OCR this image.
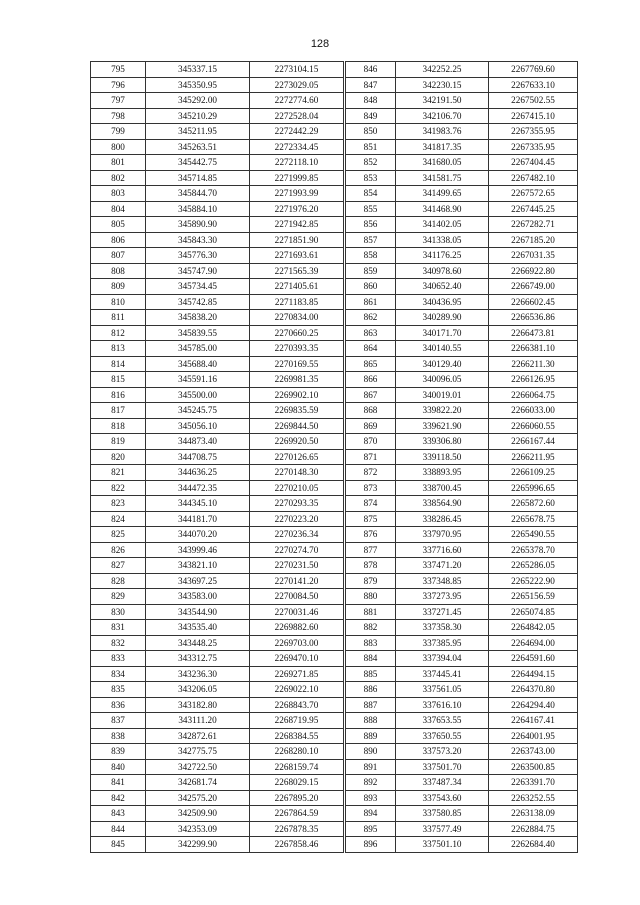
128
795	345337.15	2273104.15
796	345350.95	2273029.05
797	345292.00	2272774.60
798	345210.29	2272528.04
799	345211.95	2272442.29
800	345263.51	2272334.45
801	345442.75	2272118.10
802	345714.85	2271999.85
803	345844.70	2271993.99
804	345884.10	2271976.20
805	345890.90	2271942.85
806	345843.30	2271851.90
807	345776.30	2271693.61
808	345747.90	2271565.39
809	345734.45	2271405.61
810	345742.85	2271183.85
811	345838.20	2270834.00
812	345839.55	2270660.25
813	345785.00	2270393.35
814	345688.40	2270169.55
815	345591.16	2269981.35
816	345500.00	2269902.10
817	345245.75	2269835.59
818	345056.10	2269844.50
819	344873.40	2269920.50
820	344708.75	2270126.65
821	344636.25	2270148.30
822	344472.35	2270210.05
823	344345.10	2270293.35
824	344181.70	2270223.20
825	344070.20	2270236.34
826	343999.46	2270274.70
827	343821.10	2270231.50
828	343697.25	2270141.20
829	343583.00	2270084.50
830	343544.90	2270031.46
831	343535.40	2269882.60
832	343448.25	2269703.00
833	343312.75	2269470.10
834	343236.30	2269271.85
835	343206.05	2269022.10
836	343182.80	2268843.70
837	343111.20	2268719.95
838	342872.61	2268384.55
839	342775.75	2268280.10
840	342722.50	2268159.74
841	342681.74	2268029.15
842	342575.20	2267895.20
843	342509.90	2267864.59
844	342353.09	2267878.35
845	342299.90	2267858.46
846	342252.25	2267769.60
847	342230.15	2267633.10
848	342191.50	2267502.55
849	342106.70	2267415.10
850	341983.76	2267355.95
851	341817.35	2267335.95
852	341680.05	2267404.45
853	341581.75	2267482.10
854	341499.65	2267572.65
855	341468.90	2267445.25
856	341402.05	2267282.71
857	341338.05	2267185.20
858	341176.25	2267031.35
859	340978.60	2266922.80
860	340652.40	2266749.00
861	340436.95	2266602.45
862	340289.90	2266536.86
863	340171.70	2266473.81
864	340140.55	2266381.10
865	340129.40	2266211.30
866	340096.05	2266126.95
867	340019.01	2266064.75
868	339822.20	2266033.00
869	339621.90	2266060.55
870	339306.80	2266167.44
871	339118.50	2266211.95
872	338893.95	2266109.25
873	338700.45	2265996.65
874	338564.90	2265872.60
875	338286.45	2265678.75
876	337970.95	2265490.55
877	337716.60	2265378.70
878	337471.20	2265286.05
879	337348.85	2265222.90
880	337273.95	2265156.59
881	337271.45	2265074.85
882	337358.30	2264842.05
883	337385.95	2264694.00
884	337394.04	2264591.60
885	337445.41	2264494.15
886	337561.05	2264370.80
887	337616.10	2264294.40
888	337653.55	2264167.41
889	337650.55	2264001.95
890	337573.20	2263743.00
891	337501.70	2263500.85
892	337487.34	2263391.70
893	337543.60	2263252.55
894	337580.85	2263138.09
895	337577.49	2262884.75
896	337501.10	2262684.40
